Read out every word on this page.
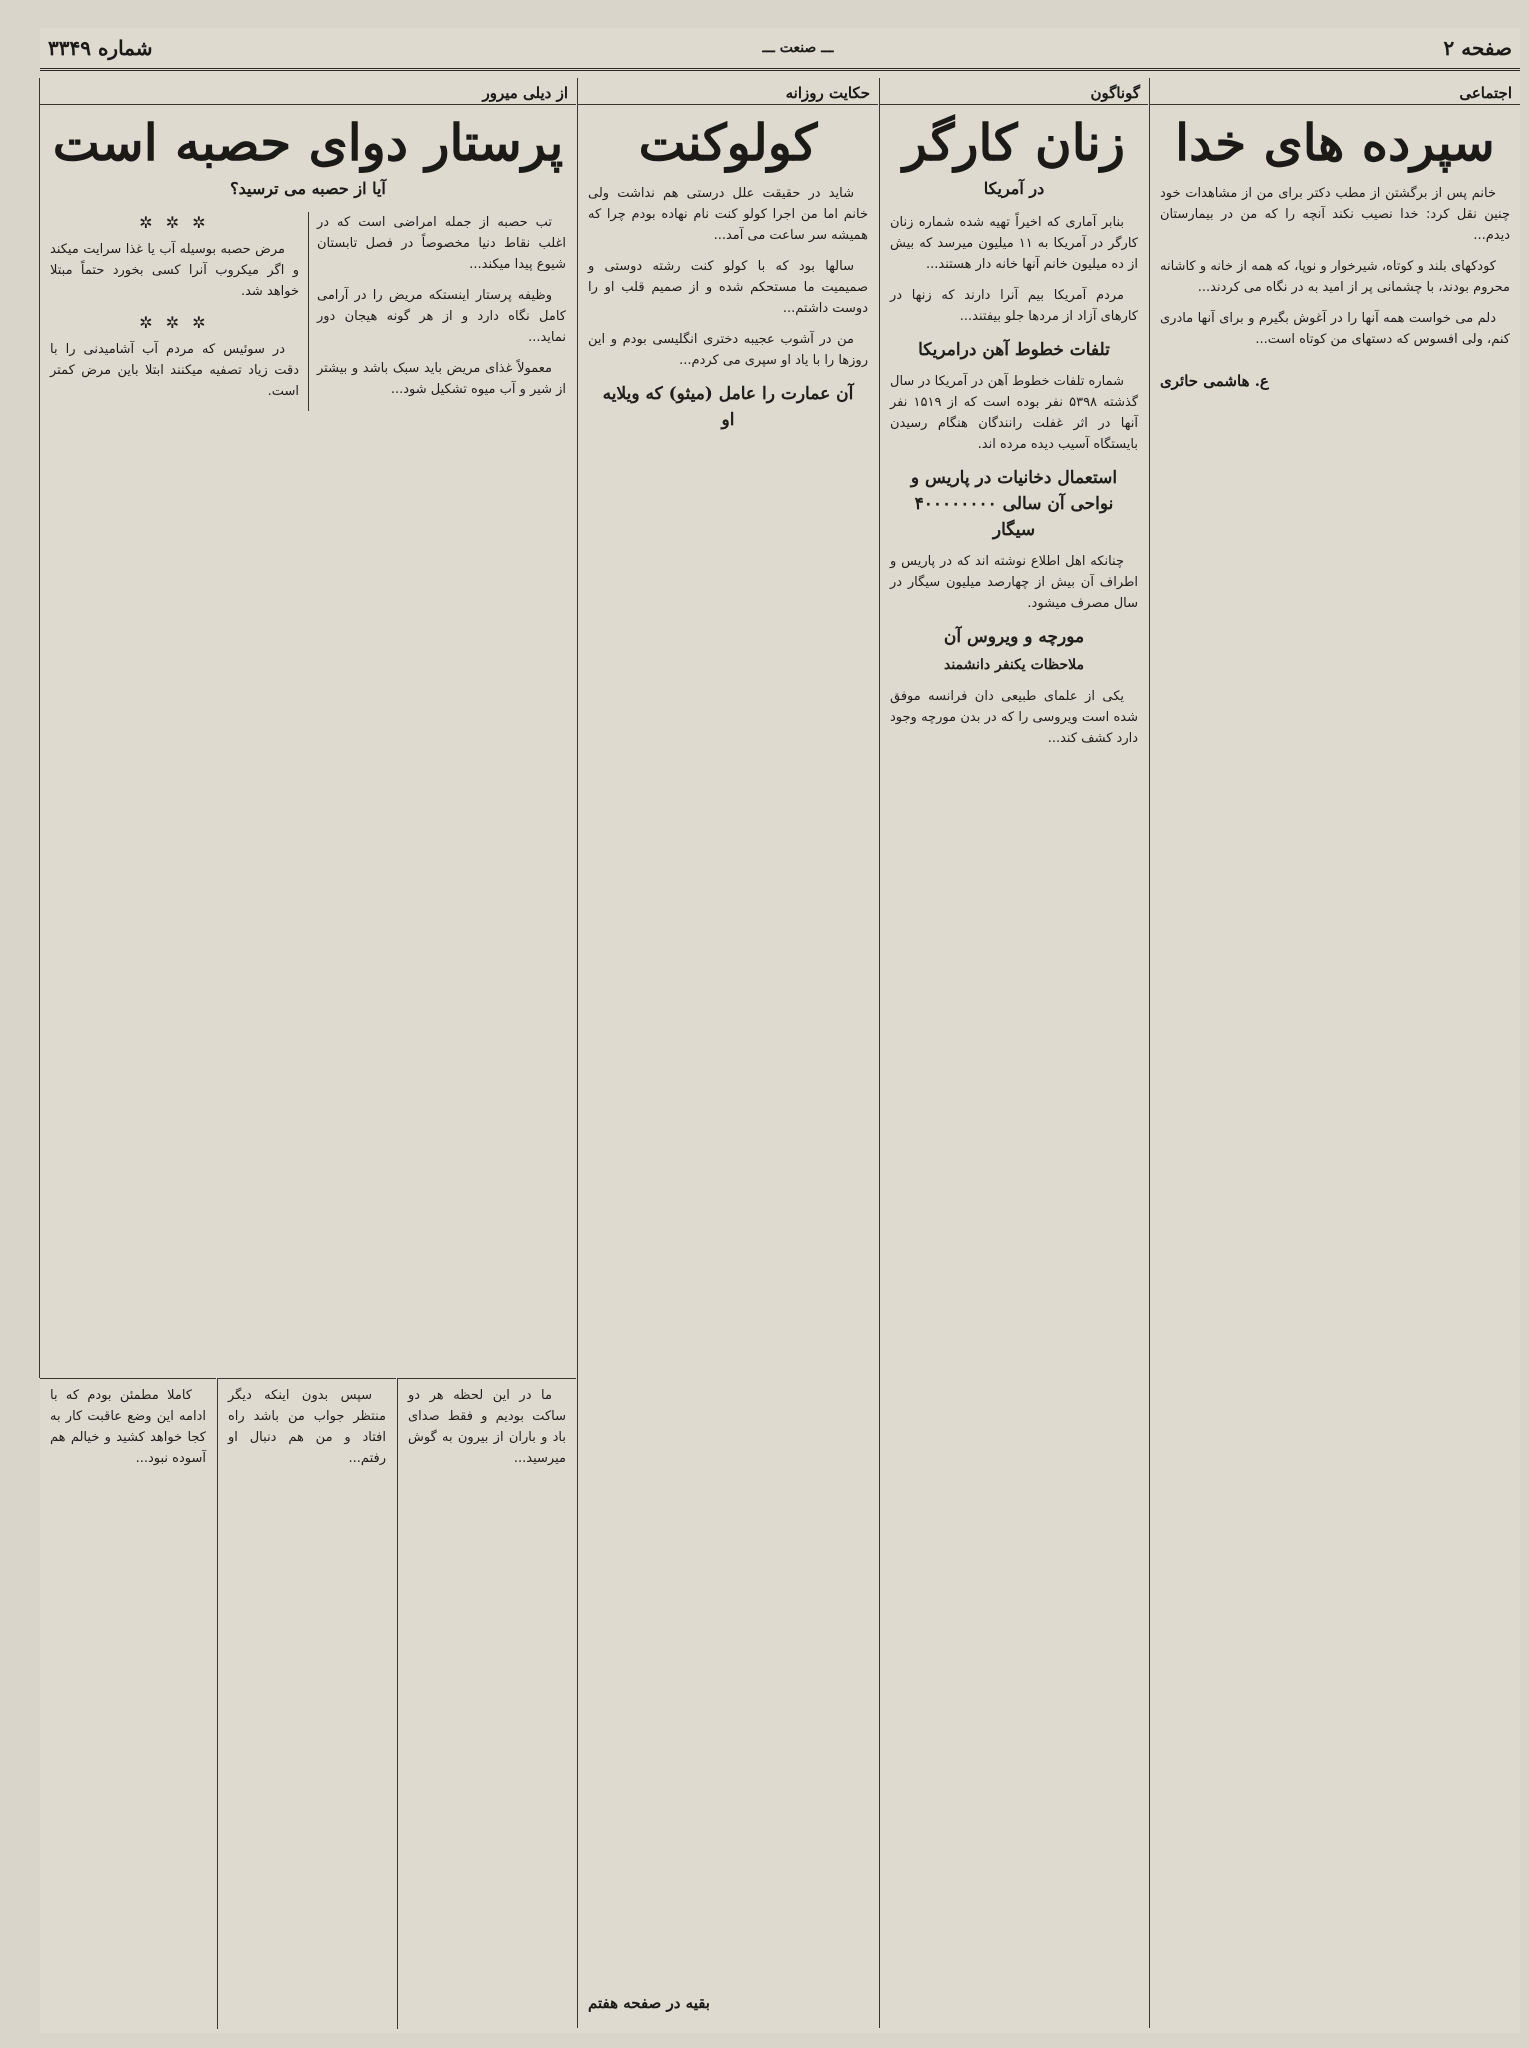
صفحه ۲
ـــ صنعت ـــ
شماره ۳۳۴۹
اجتماعی
سپرده های خدا

خانم پس از برگشتن از مطب دکتر برای من از مشاهدات خود چنین نقل کرد: خدا نصیب نکند آنچه را که من در بیمارستان دیدم...

کودکهای بلند و کوتاه، شیرخوار و نوپا، که همه از خانه و کاشانه محروم بودند، با چشمانی پر از امید به در نگاه می کردند...

دلم می خواست همه آنها را در آغوش بگیرم و برای آنها مادری کنم، ولی افسوس که دستهای من کوتاه است...

ع. هاشمی حائری
گوناگون
زنان کارگر
در آمریکا

بنابر آماری که اخیراً تهیه شده شماره زنان کارگر در آمریکا به ۱۱ میلیون میرسد که بیش از ده میلیون خانم آنها خانه دار هستند...

مردم آمریکا بیم آنرا دارند که زنها در کارهای آزاد از مردها جلو بیفتند...

تلفات خطوط آهن درامریکا

شماره تلفات خطوط آهن در آمریکا در سال گذشته ۵۳۹۸ نفر بوده است که از ۱۵۱۹ نفر آنها در اثر غفلت رانندگان هنگام رسیدن بایستگاه آسیب دیده مرده اند.

استعمال دخانیات در پاریس و نواحی آن سالی ۴۰۰۰۰۰۰۰۰ سیگار

چنانکه اهل اطلاع نوشته اند که در پاریس و اطراف آن بیش از چهارصد میلیون سیگار در سال مصرف میشود.

مورچه و ویروس آن
ملاحظات یکنفر دانشمند

یکی از علمای طبیعی دان فرانسه موفق شده است ویروسی را که در بدن مورچه وجود دارد کشف کند...

حکایت روزانه
کولوکنت

شاید در حقیقت علل درستی هم نداشت ولی خانم اما من اجرا کولو کنت نام نهاده بودم چرا که همیشه سر ساعت می آمد...

سالها بود که با کولو کنت رشته دوستی و صمیمیت ما مستحکم شده و از صمیم قلب او را دوست داشتم...

من در آشوب عجیبه دختری انگلیسی بودم و این روزها را با یاد او سپری می کردم...

آن عمارت را عامل (میثو) که ویلایه او
بقیه در صفحه هفتم
از دیلی میرور
پرستار دوای حصبه است
آیا از حصبه می ترسید؟

تب حصبه از جمله امراضی است که در اغلب نقاط دنیا مخصوصاً در فصل تابستان شیوع پیدا میکند...

وظیفه پرستار اینستکه مریض را در آرامی کامل نگاه دارد و از هر گونه هیجان دور نماید...

معمولاً غذای مریض باید سبک باشد و بیشتر از شیر و آب میوه تشکیل شود...

✲ ✲ ✲

مرض حصبه بوسیله آب یا غذا سرایت میکند و اگر میکروب آنرا کسی بخورد حتماً مبتلا خواهد شد.

✲ ✲ ✲

در سوئیس که مردم آب آشامیدنی را با دقت زیاد تصفیه میکنند ابتلا باین مرض کمتر است.

ما در این لحظه هر دو ساکت بودیم و فقط صدای باد و باران از بیرون به گوش میرسید...

سپس بدون اینکه دیگر منتظر جواب من باشد راه افتاد و من هم دنبال او رفتم...

کاملا مطمئن بودم که با ادامه این وضع عاقبت کار به کجا خواهد کشید و خیالم هم آسوده نبود...
